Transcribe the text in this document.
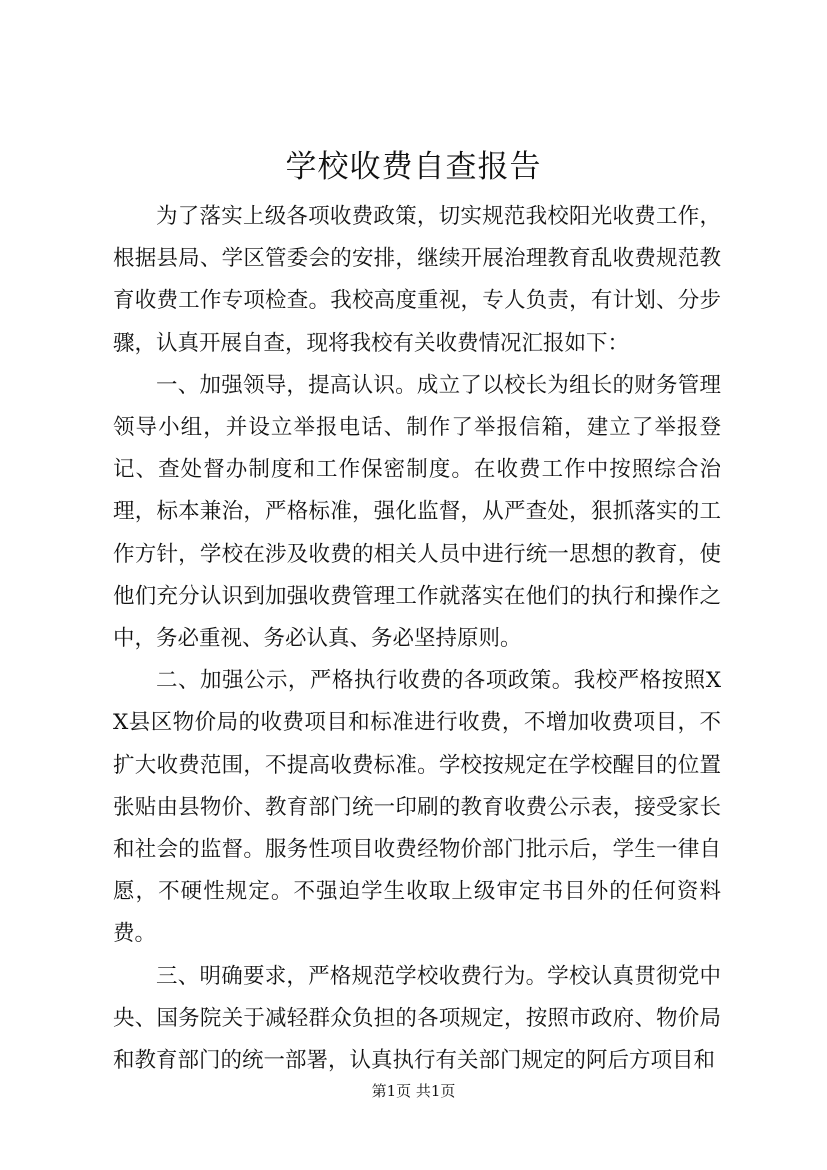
学校收费自查报告

为了落实上级各项收费政策，切实规范我校阳光收费工作，根据县局、学区管委会的安排，继续开展治理教育乱收费规范教育收费工作专项检查。我校高度重视，专人负责，有计划、分步骤，认真开展自查，现将我校有关收费情况汇报如下：

一、加强领导，提高认识。成立了以校长为组长的财务管理领导小组，并设立举报电话、制作了举报信箱，建立了举报登记、查处督办制度和工作保密制度。在收费工作中按照综合治理，标本兼治，严格标准，强化监督，从严查处，狠抓落实的工作方针，学校在涉及收费的相关人员中进行统一思想的教育，使他们充分认识到加强收费管理工作就落实在他们的执行和操作之中，务必重视、务必认真、务必坚持原则。

二、加强公示，严格执行收费的各项政策。我校严格按照XX县区物价局的收费项目和标准进行收费，不增加收费项目，不扩大收费范围，不提高收费标准。学校按规定在学校醒目的位置张贴由县物价、教育部门统一印刷的教育收费公示表，接受家长和社会的监督。服务性项目收费经物价部门批示后，学生一律自愿，不硬性规定。不强迫学生收取上级审定书目外的任何资料费。

三、明确要求，严格规范学校收费行为。学校认真贯彻党中央、国务院关于减轻群众负担的各项规定，按照市政府、物价局和教育部门的统一部署，认真执行有关部门规定的阿后方项目和

第1页 共1页
